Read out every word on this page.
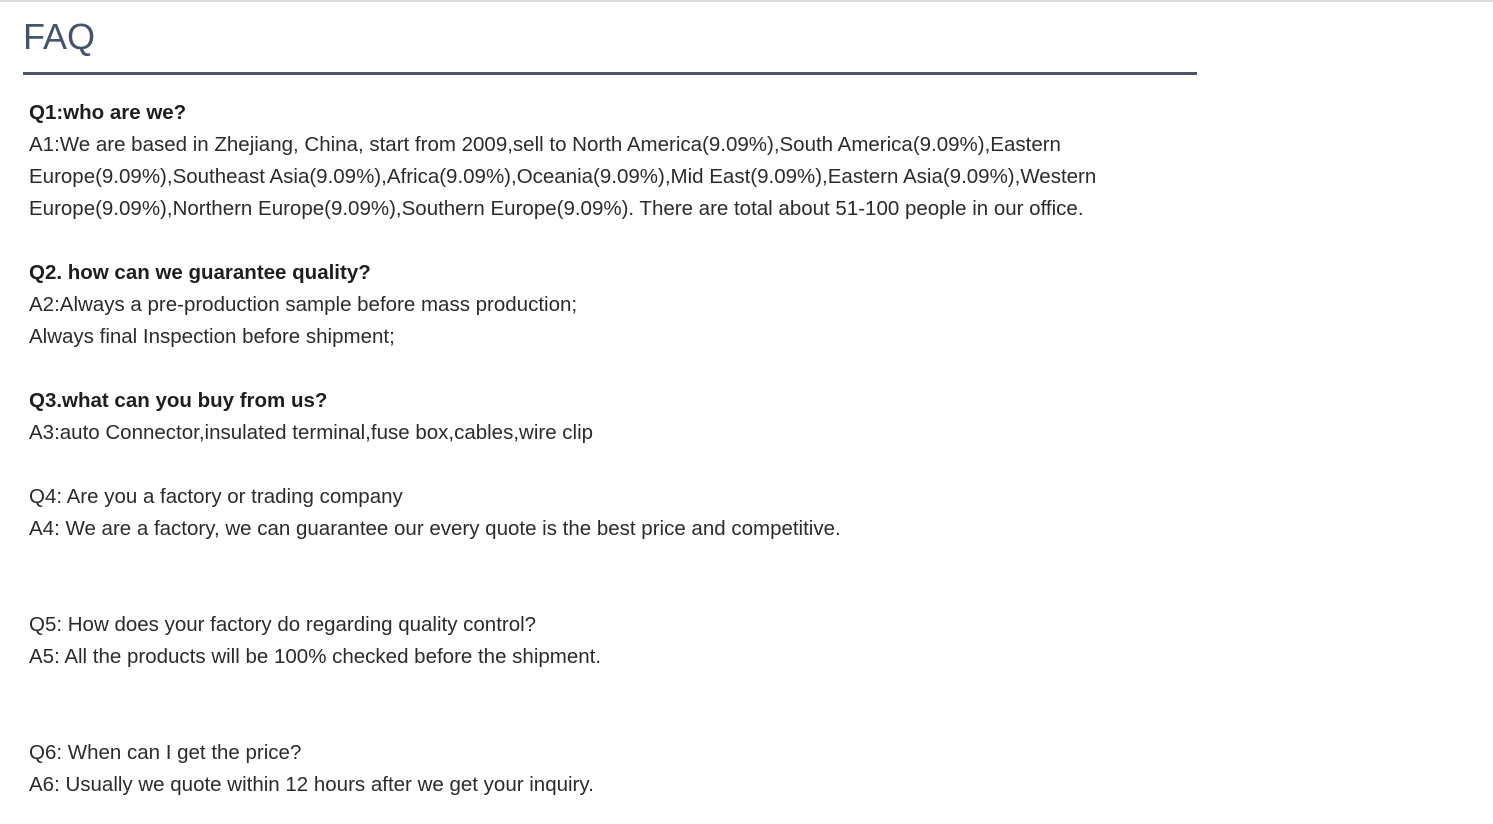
FAQ
Q1:who are we?
A1:We are based in Zhejiang, China, start from 2009,sell to North America(9.09%),South America(9.09%),Eastern
Europe(9.09%),Southeast Asia(9.09%),Africa(9.09%),Oceania(9.09%),Mid East(9.09%),Eastern Asia(9.09%),Western
Europe(9.09%),Northern Europe(9.09%),Southern Europe(9.09%). There are total about 51-100 people in our office.
Q2. how can we guarantee quality?
A2:Always a pre-production sample before mass production;
Always final Inspection before shipment;
Q3.what can you buy from us?
A3:auto Connector,insulated terminal,fuse box,cables,wire clip
Q4: Are you a factory or trading company
A4: We are a factory, we can guarantee our every quote is the best price and competitive.
Q5: How does your factory do regarding quality control?
A5: All the products will be 100% checked before the shipment.
Q6: When can I get the price?
A6: Usually we quote within 12 hours after we get your inquiry.
